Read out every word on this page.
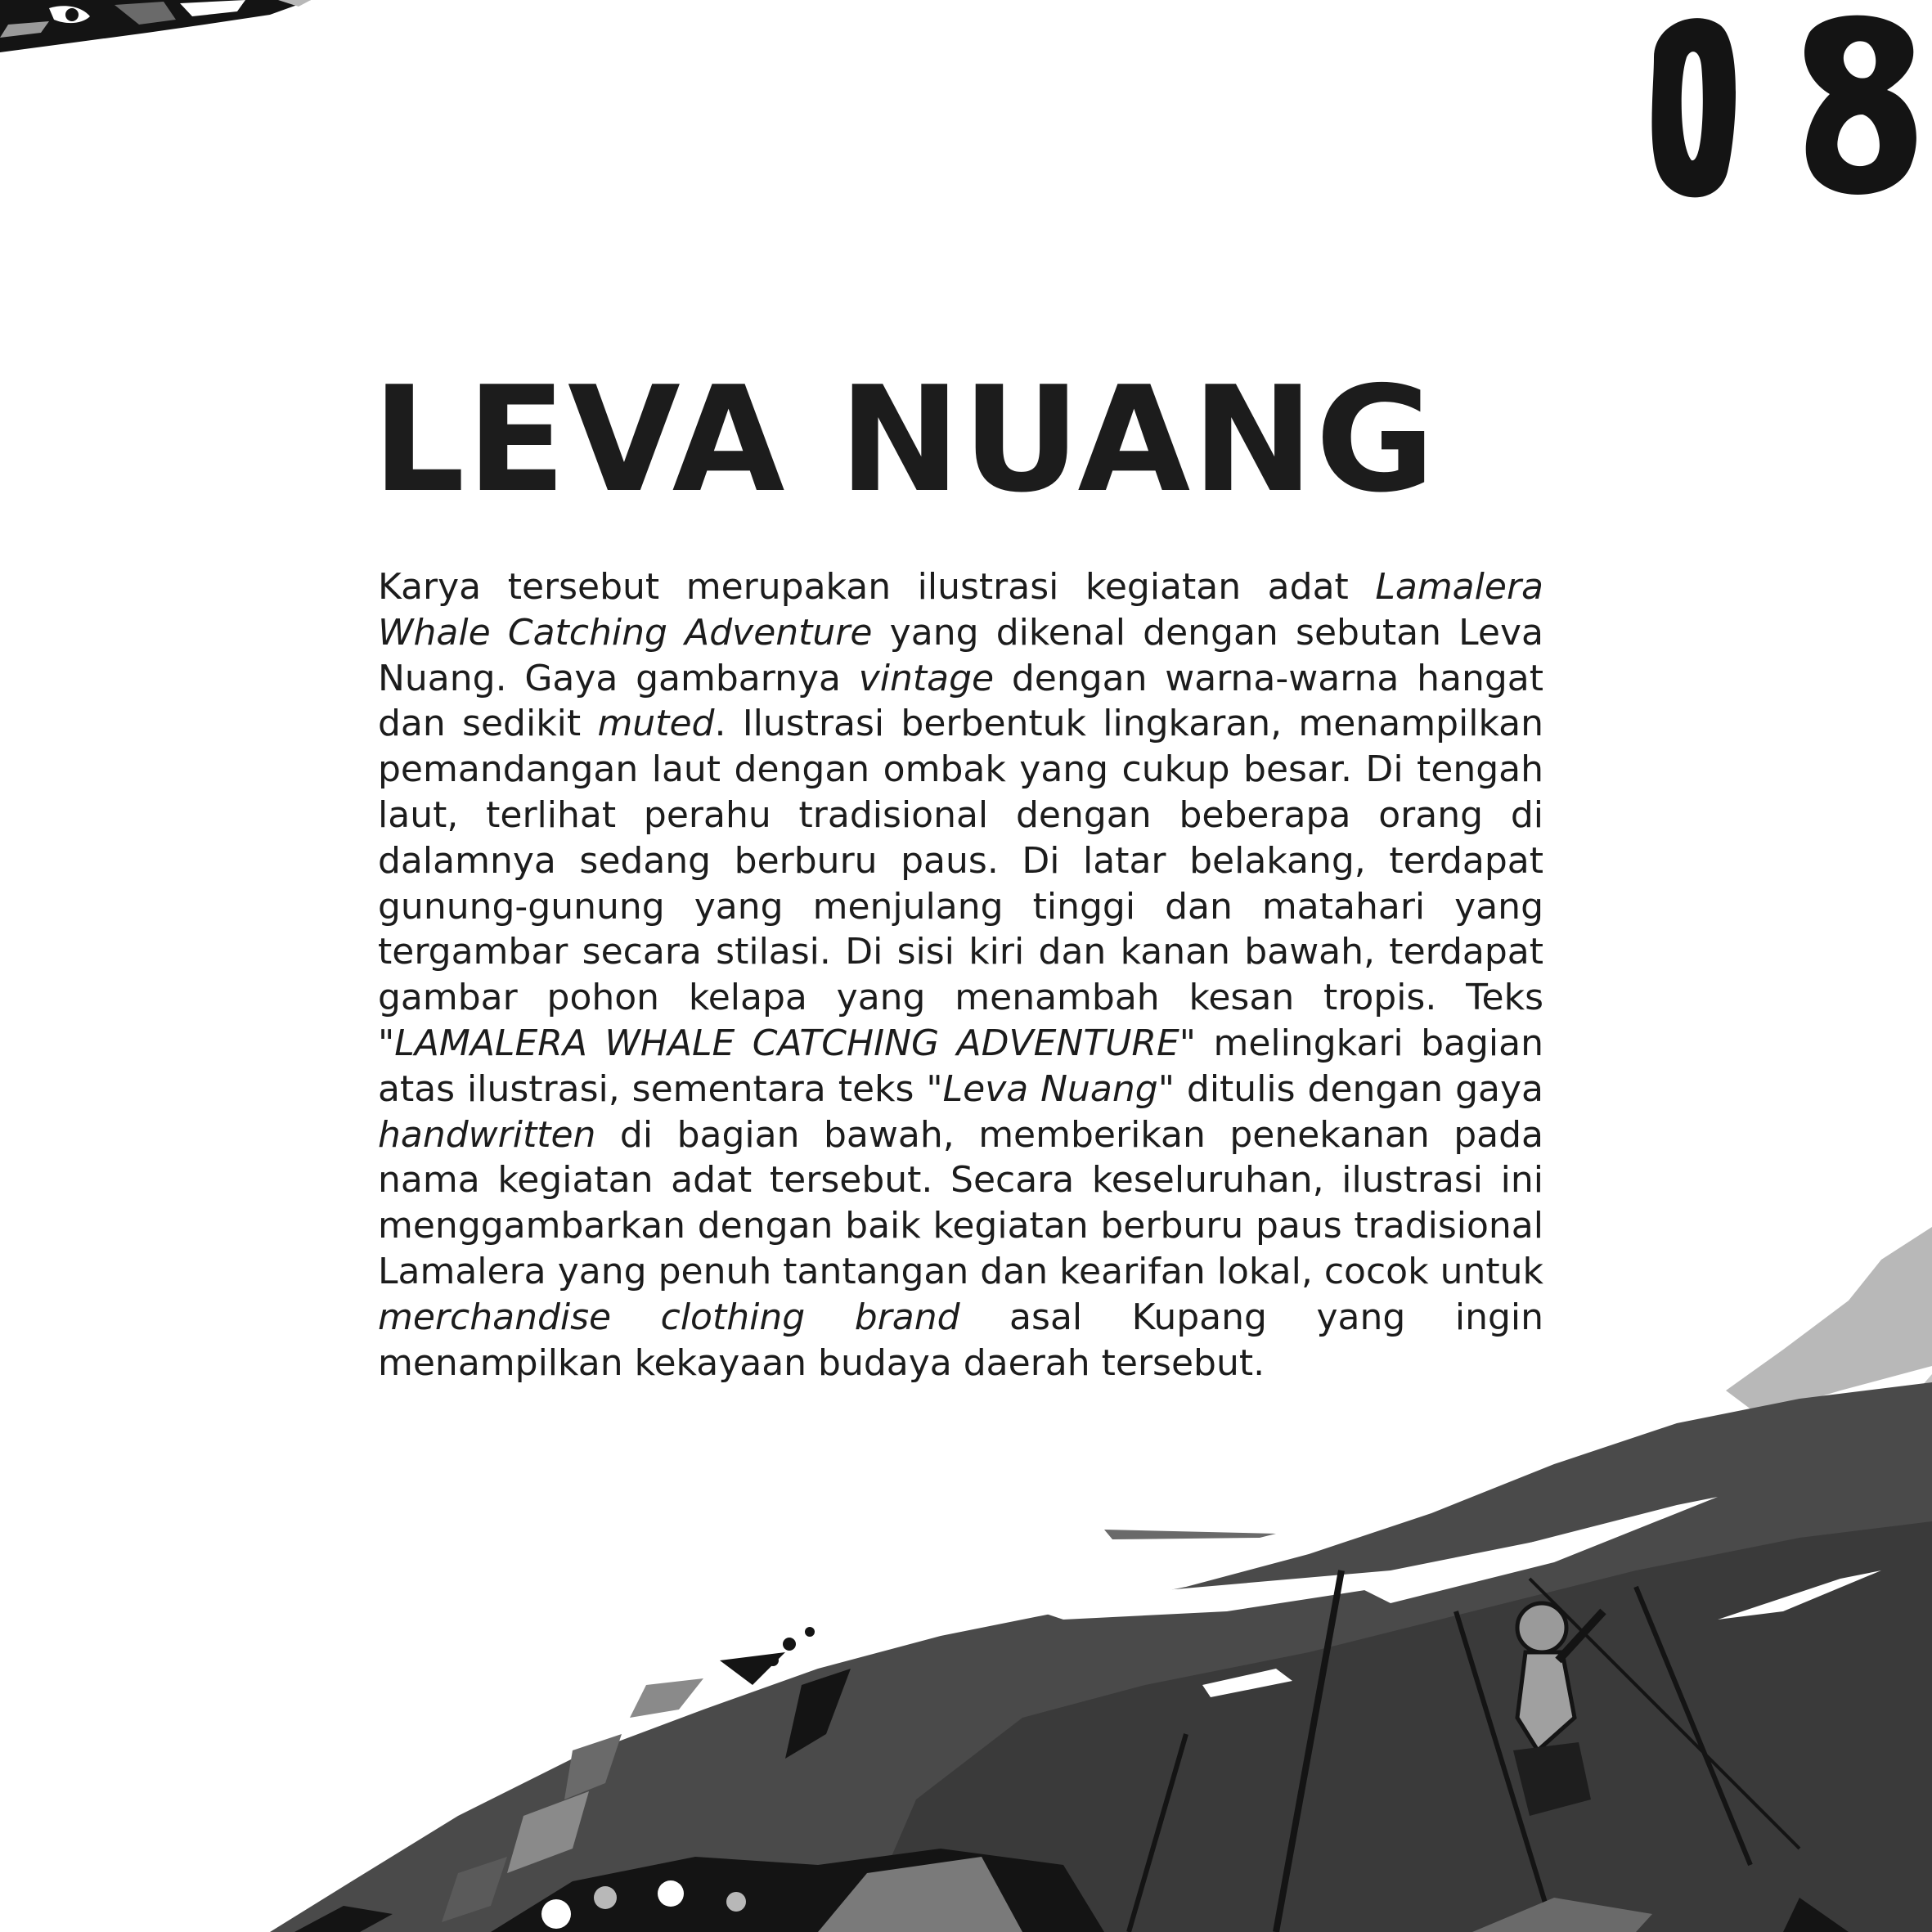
LEVA NUANG

Karya tersebut merupakan ilustrasi kegiatan adat Lamalera Whale Catching Adventure yang dikenal dengan sebutan Leva Nuang. Gaya gambarnya vintage dengan warna-warna hangat dan sedikit muted. Ilustrasi berbentuk lingkaran, menampilkan pemandangan laut dengan ombak yang cukup besar. Di tengah laut, terlihat perahu tradisional dengan beberapa orang di dalamnya sedang berburu paus. Di latar belakang, terdapat gunung-gunung yang menjulang tinggi dan matahari yang tergambar secara stilasi. Di sisi kiri dan kanan bawah, terdapat gambar pohon kelapa yang menambah kesan tropis. Teks "LAMALERA WHALE CATCHING ADVENTURE" melingkari bagian atas ilustrasi, sementara teks "Leva Nuang" ditulis dengan gaya handwritten di bagian bawah, memberikan penekanan pada nama kegiatan adat tersebut. Secara keseluruhan, ilustrasi ini menggambarkan dengan baik kegiatan berburu paus tradisional Lamalera yang penuh tantangan dan kearifan lokal, cocok untuk merchandise clothing brand asal Kupang yang ingin menampilkan kekayaan budaya daerah tersebut.
